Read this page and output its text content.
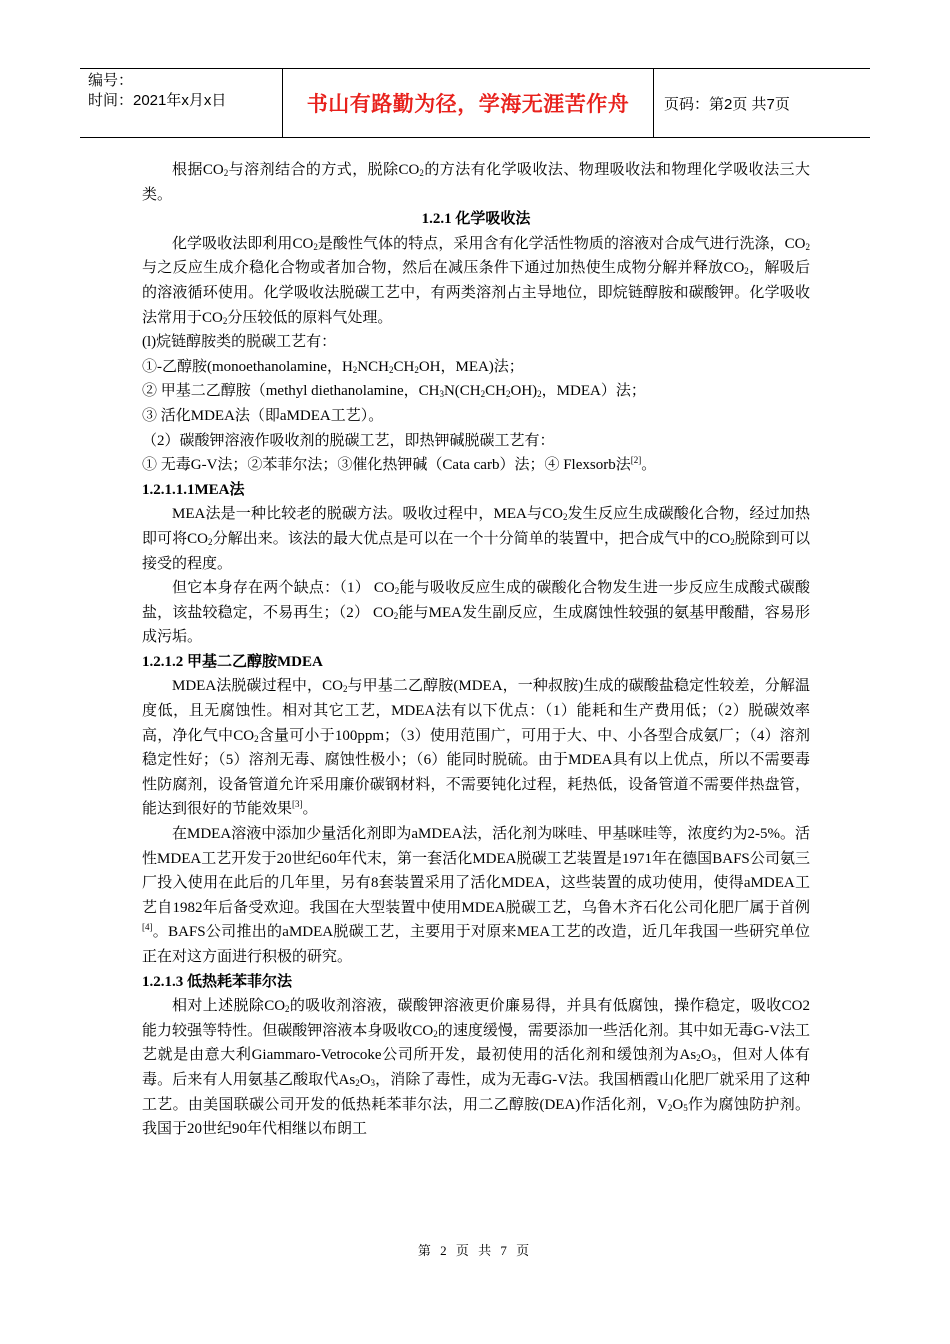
编号：
时间：2021年x月x日	书山有路勤为径，学海无涯苦作舟	页码：第2页 共7页

根据$CO_2$与溶剂结合的方式，脱除$CO_2$的方法有化学吸收法、物理吸收法和物理化学吸收法三大类。

1.2.1 化学吸收法

化学吸收法即利用$CO_2$是酸性气体的特点，采用含有化学活性物质的溶液对合成气进行洗涤，$CO_2$与之反应生成介稳化合物或者加合物，然后在减压条件下通过加热使生成物分解并释放$CO_2$，解吸后的溶液循环使用。化学吸收法脱碳工艺中，有两类溶剂占主导地位，即烷链醇胺和碳酸钾。化学吸收法常用于$CO_2$分压较低的原料气处理。

(l)烷链醇胺类的脱碳工艺有：

①-乙醇胺(monoethanolamine，$H_2NCH_2CH_2OH$，MEA)法；

② 甲基二乙醇胺（methyl diethanolamine，$CH_3N(CH_2CH_2OH)_2$，MDEA）法；

③ 活化MDEA法（即aMDEA工艺）。

（2）碳酸钾溶液作吸收剂的脱碳工艺，即热钾碱脱碳工艺有：

① 无毒G-V法；②苯菲尔法；③催化热钾碱（Cata carb）法；④ Flexsorb法[2]。

1.2.1.1.1MEA法

MEA法是一种比较老的脱碳方法。吸收过程中，MEA与$CO_2$发生反应生成碳酸化合物，经过加热即可将$CO_2$分解出来。该法的最大优点是可以在一个十分简单的装置中，把合成气中的$CO_2$脱除到可以接受的程度。

但它本身存在两个缺点：（1） $CO_2$能与吸收反应生成的碳酸化合物发生进一步反应生成酸式碳酸盐，该盐较稳定，不易再生；（2） $CO_2$能与MEA发生副反应，生成腐蚀性较强的氨基甲酸醋，容易形成污垢。

1.2.1.2 甲基二乙醇胺MDEA

MDEA法脱碳过程中，$CO_2$与甲基二乙醇胺(MDEA，一种叔胺)生成的碳酸盐稳定性较差，分解温度低，且无腐蚀性。相对其它工艺，MDEA法有以下优点：（1）能耗和生产费用低；（2）脱碳效率高，净化气中$CO_2$含量可小于100ppm；（3）使用范围广，可用于大、中、小各型合成氨厂；（4）溶剂稳定性好；（5）溶剂无毒、腐蚀性极小；（6）能同时脱硫。由于MDEA具有以上优点，所以不需要毒性防腐剂，设备管道允许采用廉价碳钢材料，不需要钝化过程，耗热低，设备管道不需要伴热盘管，能达到很好的节能效果[3]。

在MDEA溶液中添加少量活化剂即为aMDEA法，活化剂为咪哇、甲基咪哇等，浓度约为2-5%。活性MDEA工艺开发于20世纪60年代末，第一套活化MDEA脱碳工艺装置是1971年在德国BAFS公司氨三厂投入使用在此后的几年里，另有8套装置采用了活化MDEA，这些装置的成功使用，使得aMDEA工艺自1982年后备受欢迎。我国在大型装置中使用MDEA脱碳工艺，乌鲁木齐石化公司化肥厂属于首例[4]。BAFS公司推出的aMDEA脱碳工艺，主要用于对原来MEA工艺的改造，近几年我国一些研究单位正在对这方面进行积极的研究。

1.2.1.3 低热耗苯菲尔法

相对上述脱除$CO_2$的吸收剂溶液，碳酸钾溶液更价廉易得，并具有低腐蚀，操作稳定，吸收CO2能力较强等特性。但碳酸钾溶液本身吸收$CO_2$的速度缓慢，需要添加一些活化剂。其中如无毒G-V法工艺就是由意大利Giammaro-Vetrocoke公司所开发，最初使用的活化剂和缓蚀剂为$As_2O_3$，但对人体有毒。后来有人用氨基乙酸取代$As_2O_3$，消除了毒性，成为无毒G-V法。我国栖霞山化肥厂就采用了这种工艺。由美国联碳公司开发的低热耗苯菲尔法，用二乙醇胺(DEA)作活化剂，$V_2O_5$作为腐蚀防护剂。我国于20世纪90年代相继以布朗工

第 2 页 共 7 页
